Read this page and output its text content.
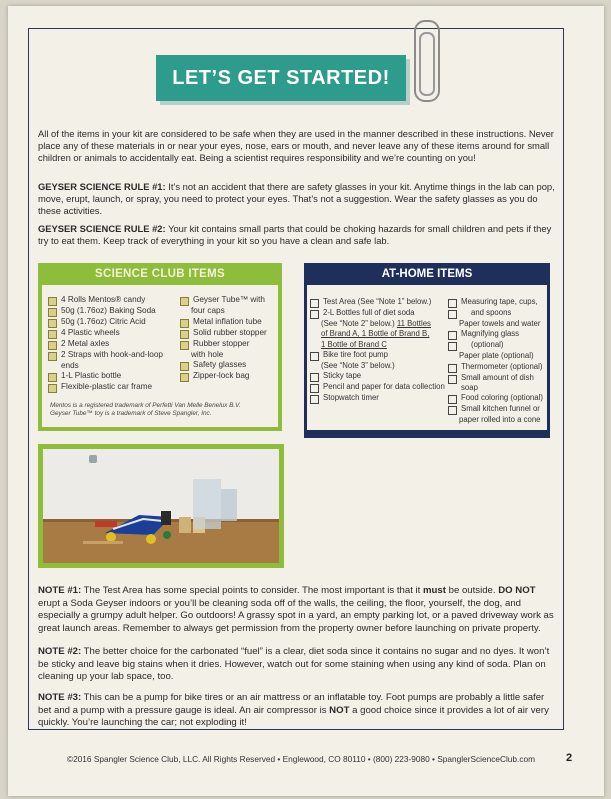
LET’S GET STARTED!
All of the items in your kit are considered to be safe when they are used in the manner described in these instructions. Never place any of these materials in or near your eyes, nose, ears or mouth, and never leave any of these items around for small children or animals to accidentally eat. Being a scientist requires responsibility and we’re counting on you!
GEYSER SCIENCE RULE #1: It’s not an accident that there are safety glasses in your kit. Anytime things in the lab can pop, move, erupt, launch, or spray, you need to protect your eyes. That’s not a suggestion. Wear the safety glasses as you do these activities.
GEYSER SCIENCE RULE #2: Your kit contains small parts that could be choking hazards for small children and pets if they try to eat them. Keep track of everything in your kit so you have a clean and safe lab.
SCIENCE CLUB ITEMS
4 Rolls Mentos® candy
50g (1.76oz) Baking Soda
50g (1.76oz) Citric Acid
4 Plastic wheels
2 Metal axles
2 Straps with hook-and-loop ends
1-L Plastic bottle
Flexible-plastic car frame
Geyser Tube™ with
four caps
Metal inflation tube
Solid rubber stopper
Rubber stopper
with hole
Safety glasses
Zipper-lock bag
Mentos is a registered trademark of Perfetti Van Melle Benelux B.V.
Geyser Tube™ toy is a trademark of Steve Spangler, Inc.
AT-HOME ITEMS
Test Area (See “Note 1” below.)
2-L Bottles full of diet soda
(See “Note 2” below.) 11 Bottles
of Brand A, 1 Bottle of Brand B,
1 Bottle of Brand C
Bike tire foot pump
(See “Note 3” below.)
Sticky tape
Pencil and paper for data collection
Stopwatch timer
Measuring tape, cups,
and spoons
Paper towels and water
Magnifying glass
(optional)
Paper plate (optional)
Thermometer (optional)
Small amount of dish soap
Food coloring (optional)
Small kitchen funnel or
paper rolled into a cone
NOTE #1: The Test Area has some special points to consider. The most important is that it must be outside. DO NOT erupt a Soda Geyser indoors or you’ll be cleaning soda off of the walls, the ceiling, the floor, yourself, the dog, and especially a grumpy adult helper. Go outdoors! A grassy spot in a yard, an empty parking lot, or a paved driveway work as great launch areas. Remember to always get permission from the property owner before launching on private property.
NOTE #2: The better choice for the carbonated “fuel” is a clear, diet soda since it contains no sugar and no dyes. It won’t be sticky and leave big stains when it dries. However, watch out for some staining when using any kind of soda. Plan on cleaning up your lab space, too.
NOTE #3: This can be a pump for bike tires or an air mattress or an inflatable toy. Foot pumps are probably a little safer bet and a pump with a pressure gauge is ideal. An air compressor is NOT a good choice since it provides a lot of air very quickly. You’re launching the car; not exploding it!
©2016 Spangler Science Club, LLC. All Rights Reserved • Englewood, CO 80110 • (800) 223-9080 • SpanglerScienceClub.com	2
